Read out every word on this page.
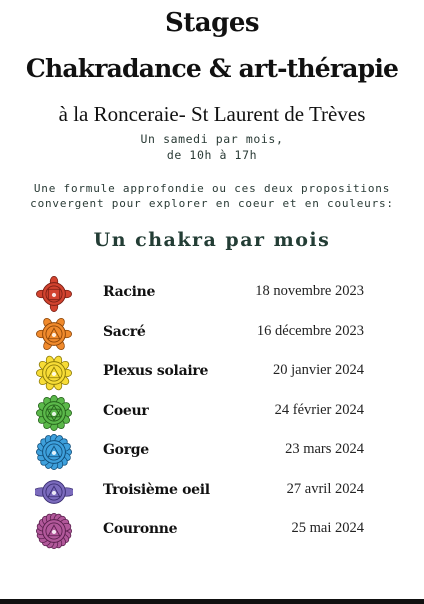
Stages
Chakradance & art-thérapie
à la Ronceraie- St Laurent de Trèves
Un samedi par mois,
de 10h à 17h
Une formule approfondie ou ces deux propositions
convergent pour explorer en coeur et en couleurs:
Un chakra par mois
Racine	18 novembre 2023
Sacré	16 décembre 2023
Plexus solaire	20 janvier 2024
Coeur	24 février 2024
Gorge	23 mars 2024
Troisième oeil	27 avril 2024
Couronne	25 mai 2024
